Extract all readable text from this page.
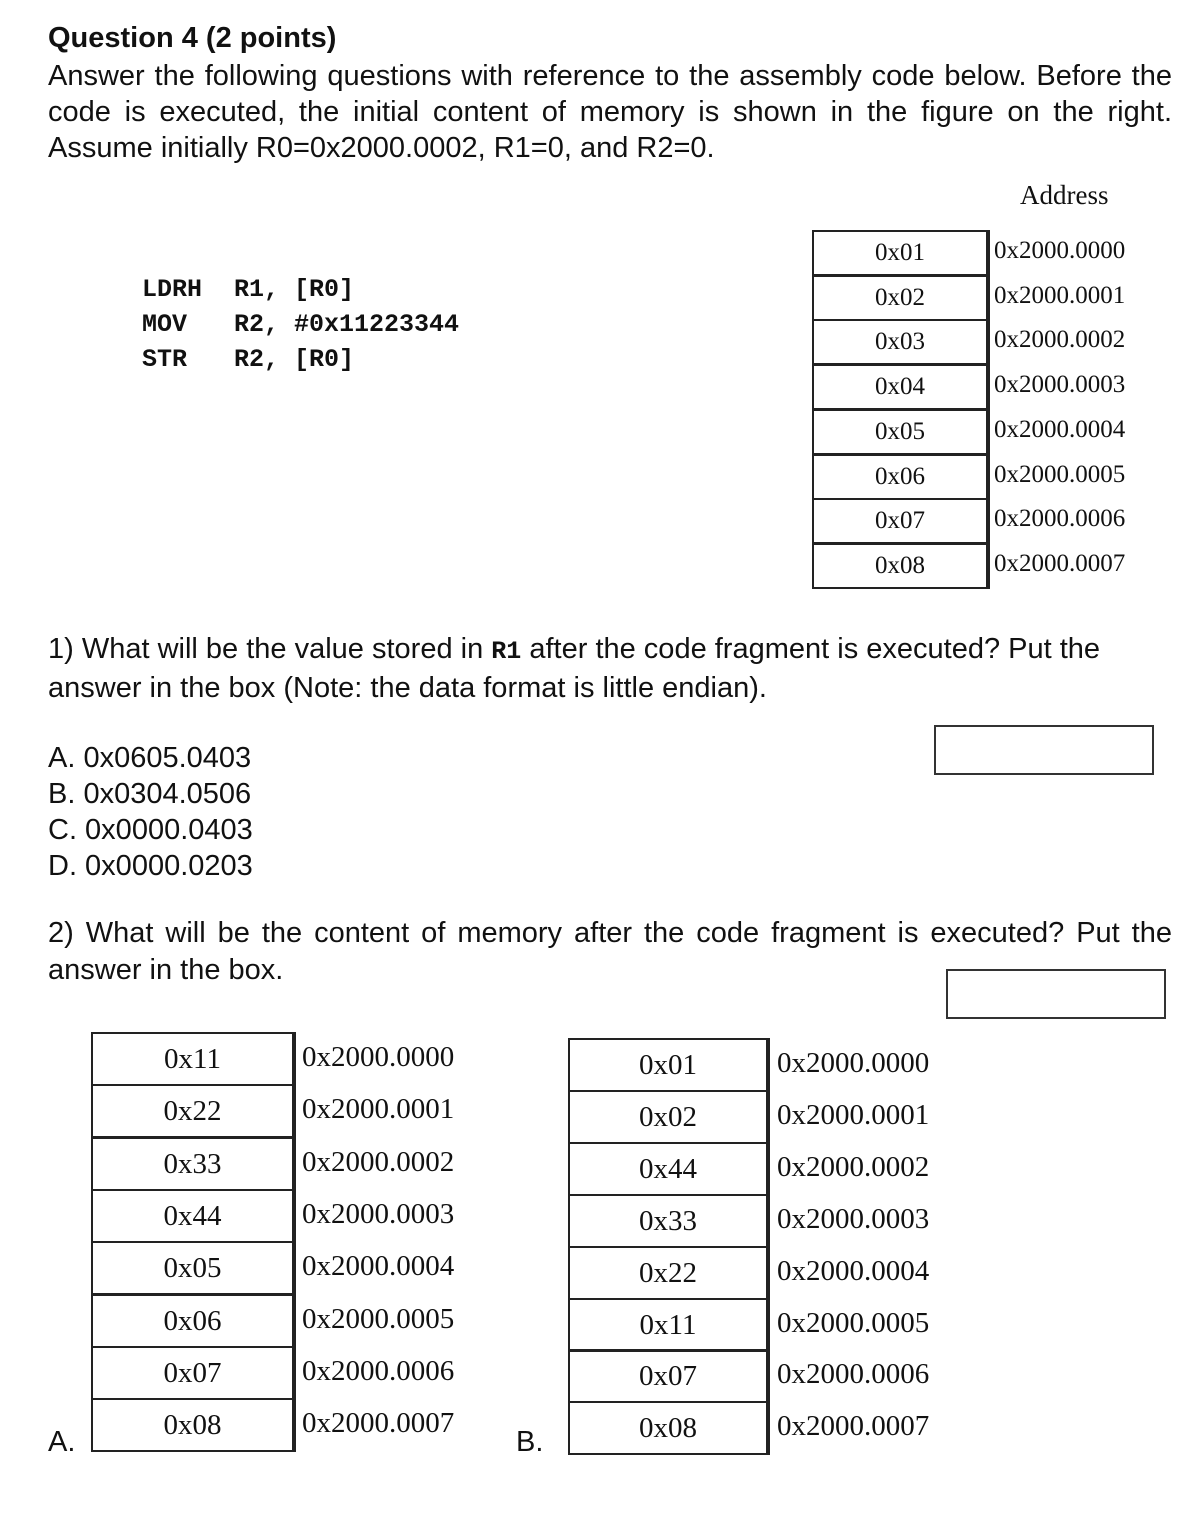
Question 4 (2 points)
Answer the following questions with reference to the assembly code below. Before the code is executed, the initial content of memory is shown in the figure on the right. Assume initially R0=0x2000.0002, R1=0, and R2=0.
LDRH R1, [R0]
MOV R2, #0x11223344
STR R2, [R0]
Address
0x01	0x2000.0000
0x02	0x2000.0001
0x03	0x2000.0002
0x04	0x2000.0003
0x05	0x2000.0004
0x06	0x2000.0005
0x07	0x2000.0006
0x08	0x2000.0007
1) What will be the value stored in R1 after the code fragment is executed? Put the answer in the box (Note: the data format is little endian).
A. 0x0605.0403
B. 0x0304.0506
C. 0x0000.0403
D. 0x0000.0203
2) What will be the content of memory after the code fragment is executed? Put the answer in the box.
0x11	0x2000.0000
0x22	0x2000.0001
0x33	0x2000.0002
0x44	0x2000.0003
0x05	0x2000.0004
0x06	0x2000.0005
0x07	0x2000.0006
0x08	0x2000.0007
A.
0x01	0x2000.0000
0x02	0x2000.0001
0x44	0x2000.0002
0x33	0x2000.0003
0x22	0x2000.0004
0x11	0x2000.0005
0x07	0x2000.0006
0x08	0x2000.0007
B.
